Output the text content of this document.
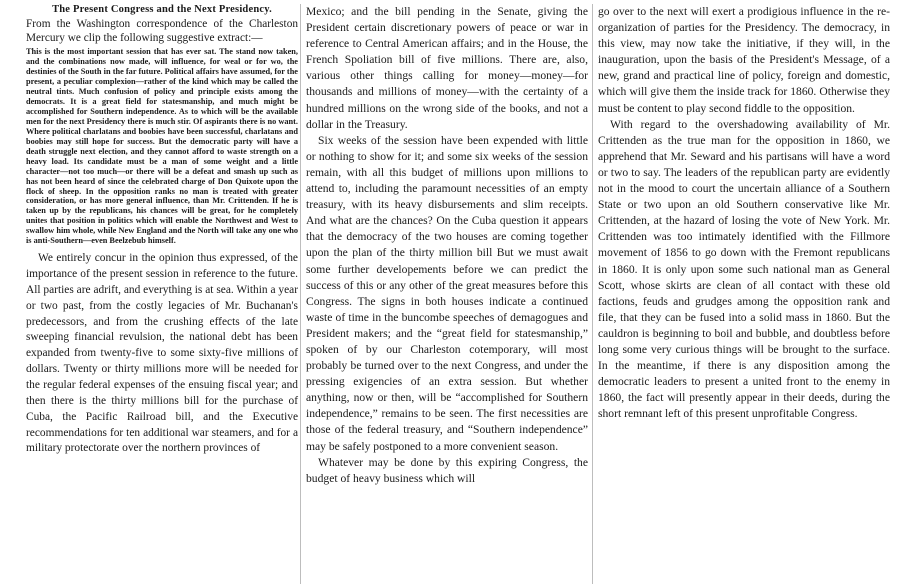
The Present Congress and the Next Presidency.

From the Washington correspondence of the Charleston Mercury we clip the following suggestive extract:—

This is the most important session that has ever sat. The stand now taken, and the combinations now made, will influence, for weal or for wo, the destinies of the South in the far future. Political affairs have assumed, for the present, a peculiar complexion—rather of the kind which may be called the neutral tints. Much confusion of policy and principle exists among the democrats. It is a great field for statesmanship, and much might be accomplished for Southern independence. As to which will be the available men for the next Presidency there is much stir. Of aspirants there is no want. Where political charlatans and boobies have been successful, charlatans and boobies may still hope for success. But the democratic party will have a death struggle next election, and they cannot afford to waste strength on a heavy load. Its candidate must be a man of some weight and a little character—not too much—or there will be a defeat and smash up such as has not been heard of since the celebrated charge of Don Quixote upon the flock of sheep. In the opposition ranks no man is treated with greater consideration, or has more general influence, than Mr. Crittenden. If he is taken up by the republicans, his chances will be great, for he completely unites that position in politics which will enable the Northwest and West to swallow him whole, while New England and the North will take any one who is anti-Southern—even Beelzebub himself.

We entirely concur in the opinion thus expressed, of the importance of the present session in reference to the future. All parties are adrift, and everything is at sea. Within a year or two past, from the costly legacies of Mr. Buchanan's predecessors, and from the crushing effects of the late sweeping financial revulsion, the national debt has been expanded from twenty-five to some sixty-five millions of dollars. Twenty or thirty millions more will be needed for the regular federal expenses of the ensuing fiscal year; and then there is the thirty millions bill for the purchase of Cuba, the Pacific Railroad bill, and the Executive recommendations for ten additional war steamers, and for a military protectorate over the northern provinces of

Mexico; and the bill pending in the Senate, giving the President certain discretionary powers of peace or war in reference to Central American affairs; and in the House, the French Spoliation bill of five millions. There are, also, various other things calling for money—money—for thousands and millions of money—with the certainty of a hundred millions on the wrong side of the books, and not a dollar in the Treasury.

Six weeks of the session have been expended with little or nothing to show for it; and some six weeks of the session remain, with all this budget of millions upon millions to attend to, including the paramount necessities of an empty treasury, with its heavy disbursements and slim receipts. And what are the chances? On the Cuba question it appears that the democracy of the two houses are coming together upon the plan of the thirty million bill But we must await some further developements before we can predict the success of this or any other of the great measures before this Congress. The signs in both houses indicate a continued waste of time in the buncombe speeches of demagogues and President makers; and the “great field for statesmanship,” spoken of by our Charleston cotemporary, will most probably be turned over to the next Congress, and under the pressing exigencies of an extra session. But whether anything, now or then, will be “accomplished for Southern independence,” remains to be seen. The first necessities are those of the federal treasury, and “Southern independence” may be safely postponed to a more convenient season.

Whatever may be done by this expiring Congress, the budget of heavy business which will

go over to the next will exert a prodigious influence in the re-organization of parties for the Presidency. The democracy, in this view, may now take the initiative, if they will, in the inauguration, upon the basis of the President's Message, of a new, grand and practical line of policy, foreign and domestic, which will give them the inside track for 1860. Otherwise they must be content to play second fiddle to the opposition.

With regard to the overshadowing availability of Mr. Crittenden as the true man for the opposition in 1860, we apprehend that Mr. Seward and his partisans will have a word or two to say. The leaders of the republican party are evidently not in the mood to court the uncertain alliance of a Southern State or two upon an old Southern conservative like Mr. Crittenden, at the hazard of losing the vote of New York. Mr. Crittenden was too intimately identified with the Fillmore movement of 1856 to go down with the Fremont republicans in 1860. It is only upon some such national man as General Scott, whose skirts are clean of all contact with these old factions, feuds and grudges among the opposition rank and file, that they can be fused into a solid mass in 1860. But the cauldron is beginning to boil and bubble, and doubtless before long some very curious things will be brought to the surface. In the meantime, if there is any disposition among the democratic leaders to present a united front to the enemy in 1860, the fact will presently appear in their deeds, during the short remnant left of this present unprofitable Congress.
